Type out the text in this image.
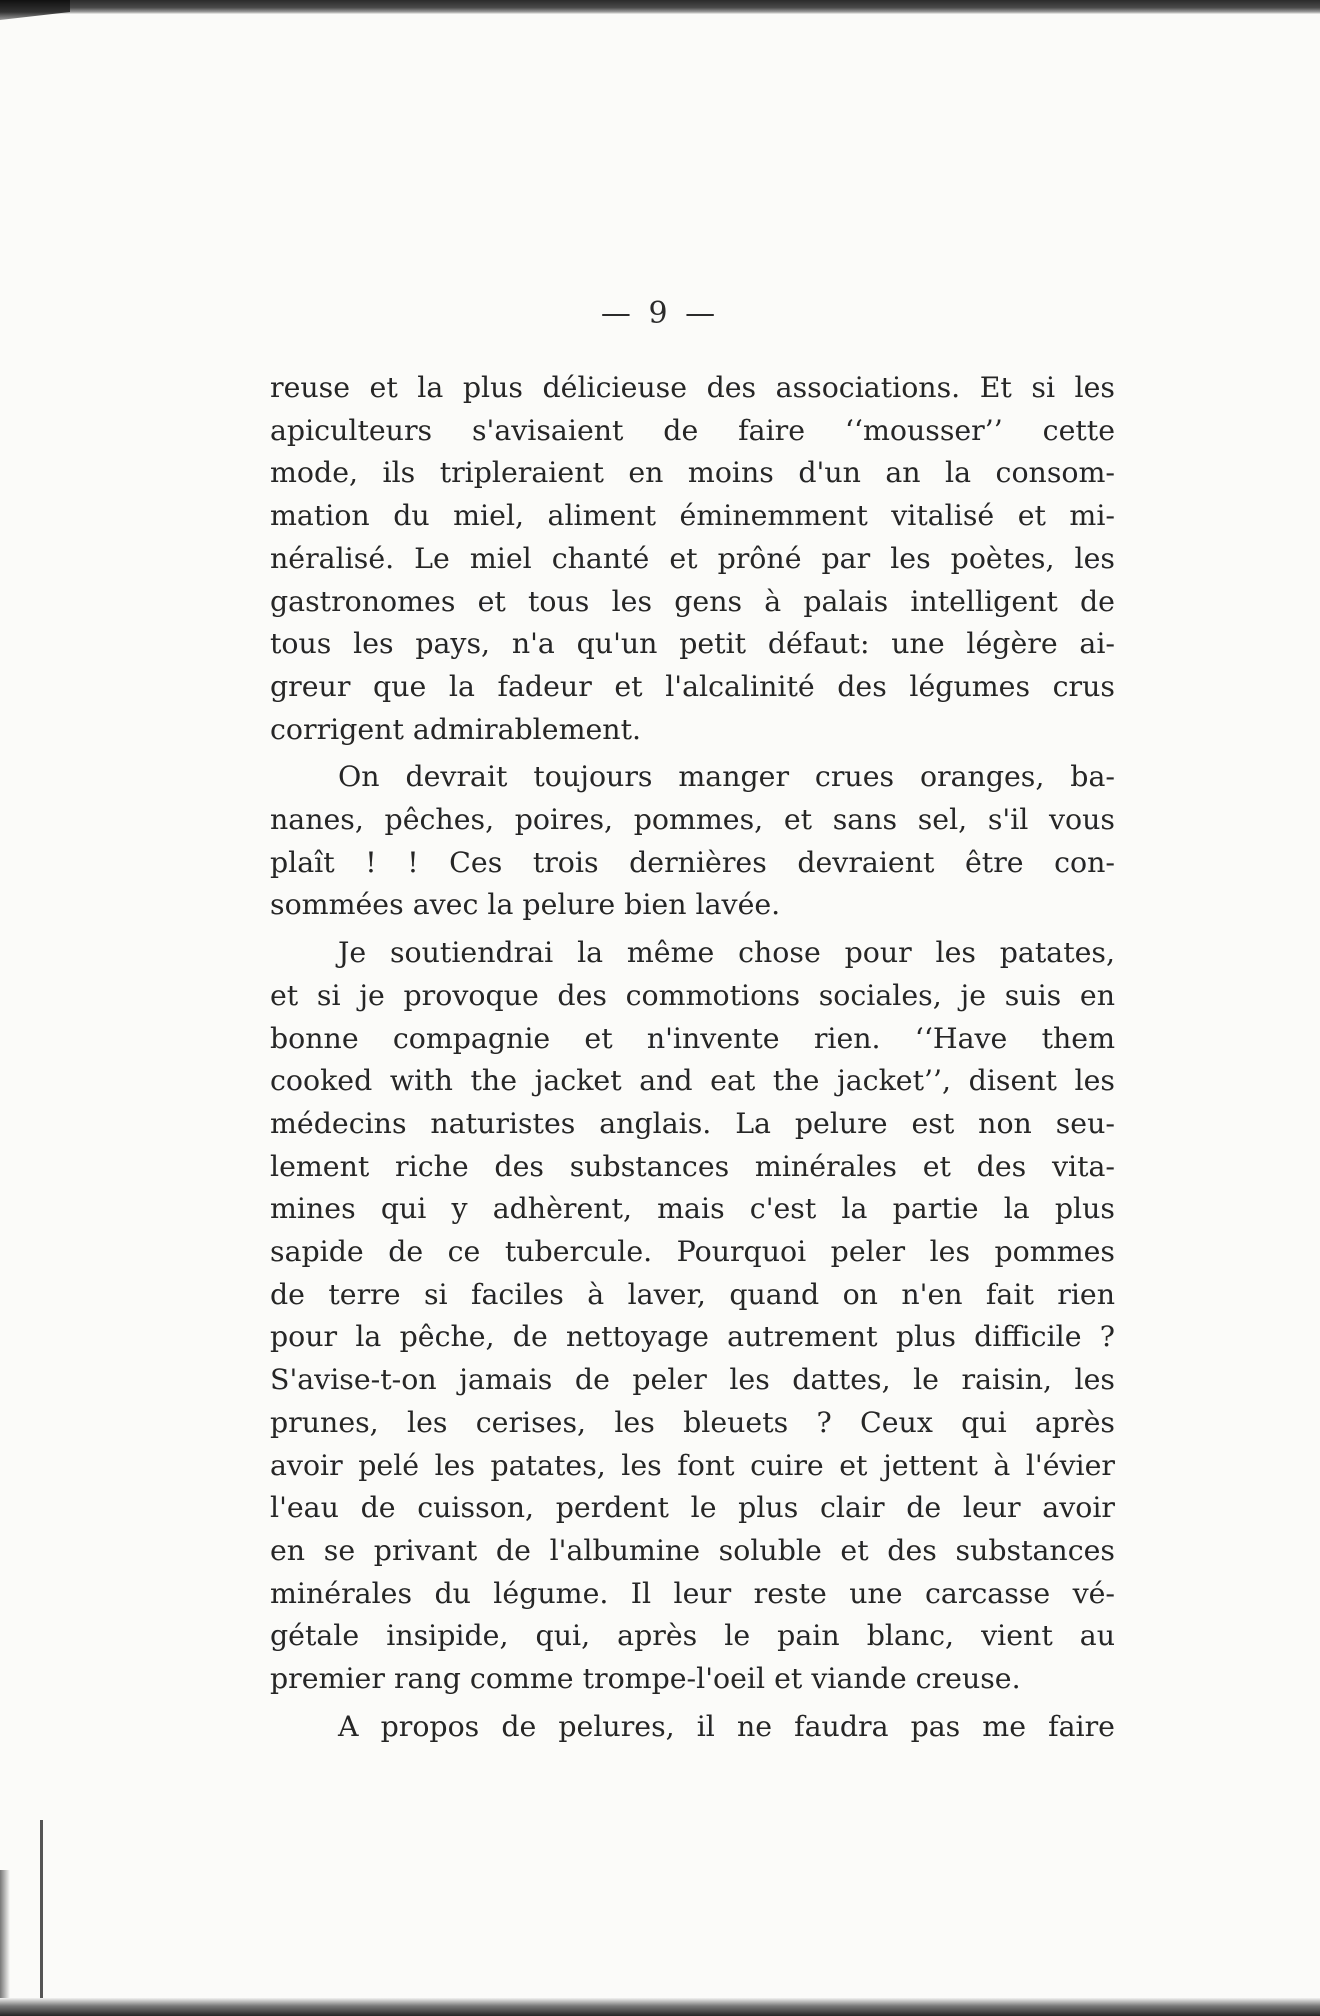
— 9 —

reuse et la plus délicieuse des associations. Et si les
apiculteurs s'avisaient de faire ‘‘mousser’’ cette
mode, ils tripleraient en moins d'un an la consom-
mation du miel, aliment éminemment vitalisé et mi-
néralisé. Le miel chanté et prôné par les poètes, les
gastronomes et tous les gens à palais intelligent de
tous les pays, n'a qu'un petit défaut: une légère ai-
greur que la fadeur et l'alcalinité des légumes crus
corrigent admirablement.

On devrait toujours manger crues oranges, ba-
nanes, pêches, poires, pommes, et sans sel, s'il vous
plaît ! ! Ces trois dernières devraient être con-
sommées avec la pelure bien lavée.

Je soutiendrai la même chose pour les patates,
et si je provoque des commotions sociales, je suis en
bonne compagnie et n'invente rien. ‘‘Have them
cooked with the jacket and eat the jacket’’, disent les
médecins naturistes anglais. La pelure est non seu-
lement riche des substances minérales et des vita-
mines qui y adhèrent, mais c'est la partie la plus
sapide de ce tubercule. Pourquoi peler les pommes
de terre si faciles à laver, quand on n'en fait rien
pour la pêche, de nettoyage autrement plus difficile ?
S'avise-t-on jamais de peler les dattes, le raisin, les
prunes, les cerises, les bleuets ? Ceux qui après
avoir pelé les patates, les font cuire et jettent à l'évier
l'eau de cuisson, perdent le plus clair de leur avoir
en se privant de l'albumine soluble et des substances
minérales du légume. Il leur reste une carcasse vé-
gétale insipide, qui, après le pain blanc, vient au
premier rang comme trompe-l'oeil et viande creuse.

A propos de pelures, il ne faudra pas me faire
